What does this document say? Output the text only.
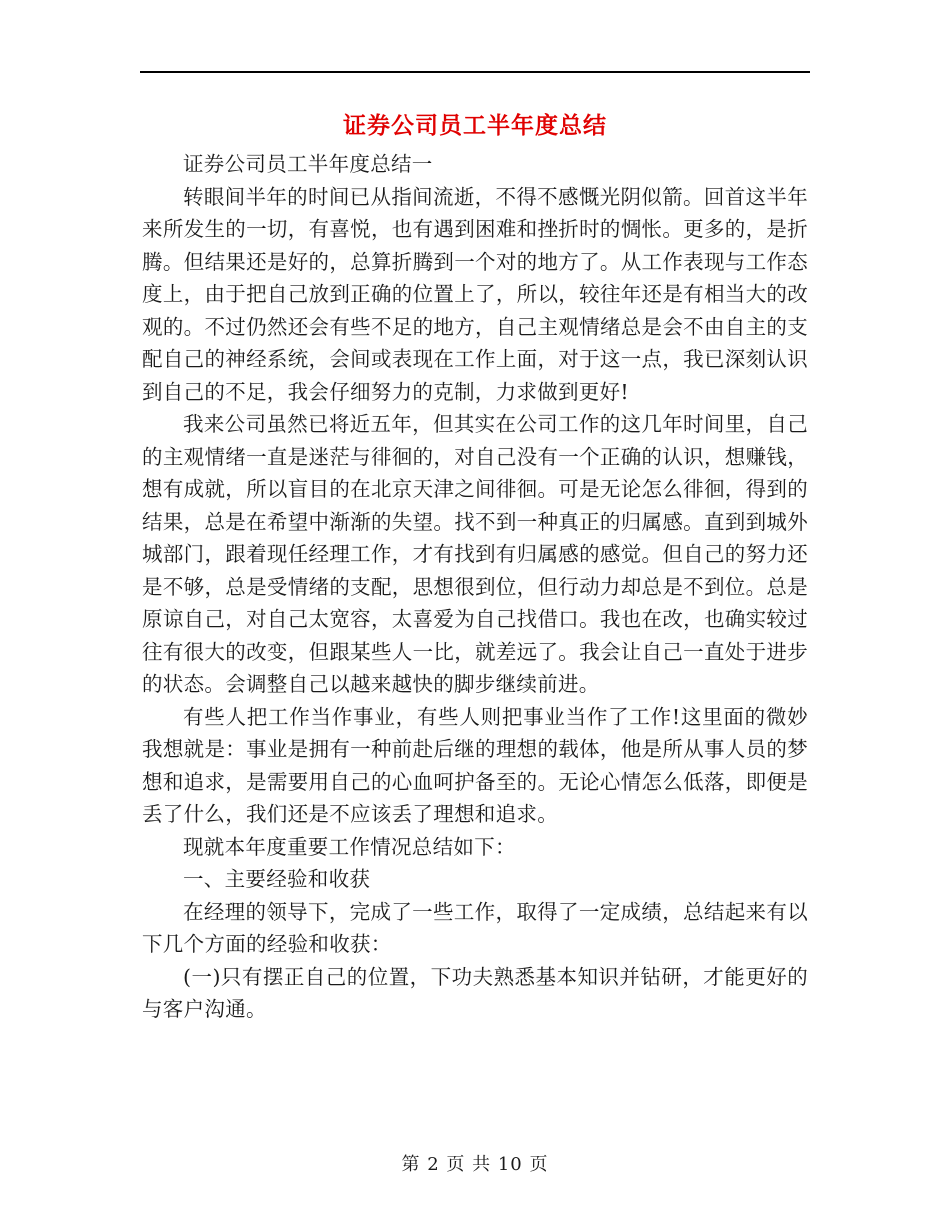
证券公司员工半年度总结

证券公司员工半年度总结一

转眼间半年的时间已从指间流逝，不得不感慨光阴似箭。回首这半年来所发生的一切，有喜悦，也有遇到困难和挫折时的惆怅。更多的，是折腾。但结果还是好的，总算折腾到一个对的地方了。从工作表现与工作态度上，由于把自己放到正确的位置上了，所以，较往年还是有相当大的改观的。不过仍然还会有些不足的地方，自己主观情绪总是会不由自主的支配自己的神经系统，会间或表现在工作上面，对于这一点，我已深刻认识到自己的不足，我会仔细努力的克制，力求做到更好!

我来公司虽然已将近五年，但其实在公司工作的这几年时间里，自己的主观情绪一直是迷茫与徘徊的，对自己没有一个正确的认识，想赚钱，想有成就，所以盲目的在北京天津之间徘徊。可是无论怎么徘徊，得到的结果，总是在希望中渐渐的失望。找不到一种真正的归属感。直到到城外城部门，跟着现任经理工作，才有找到有归属感的感觉。但自己的努力还是不够，总是受情绪的支配，思想很到位，但行动力却总是不到位。总是原谅自己，对自己太宽容，太喜爱为自己找借口。我也在改，也确实较过往有很大的改变，但跟某些人一比，就差远了。我会让自己一直处于进步的状态。会调整自己以越来越快的脚步继续前进。

有些人把工作当作事业，有些人则把事业当作了工作!这里面的微妙我想就是：事业是拥有一种前赴后继的理想的载体，他是所从事人员的梦想和追求，是需要用自己的心血呵护备至的。无论心情怎么低落，即便是丢了什么，我们还是不应该丢了理想和追求。

现就本年度重要工作情况总结如下：

一、主要经验和收获

在经理的领导下，完成了一些工作，取得了一定成绩，总结起来有以下几个方面的经验和收获：

(一)只有摆正自己的位置，下功夫熟悉基本知识并钻研，才能更好的与客户沟通。

第 2 页 共 10 页
